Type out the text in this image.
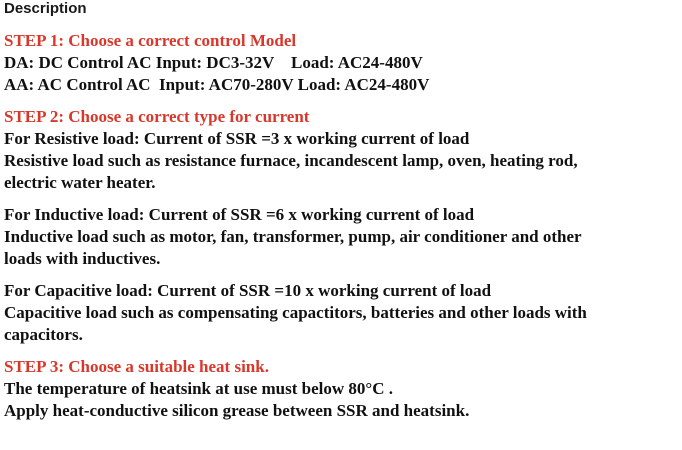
Description
STEP 1: Choose a correct control Model
DA: DC Control AC Input: DC3-32V    Load: AC24-480V
AA: AC Control AC  Input: AC70-280V Load: AC24-480V
STEP 2: Choose a correct type for current
For Resistive load: Current of SSR =3 x working current of load
Resistive load such as resistance furnace, incandescent lamp, oven, heating rod,
electric water heater.
For Inductive load: Current of SSR =6 x working current of load
Inductive load such as motor, fan, transformer, pump, air conditioner and other
loads with inductives.
For Capacitive load: Current of SSR =10 x working current of load
Capacitive load such as compensating capactitors, batteries and other loads with
capacitors.
STEP 3: Choose a suitable heat sink.
The temperature of heatsink at use must below 80°C .
Apply heat-conductive silicon grease between SSR and heatsink.
